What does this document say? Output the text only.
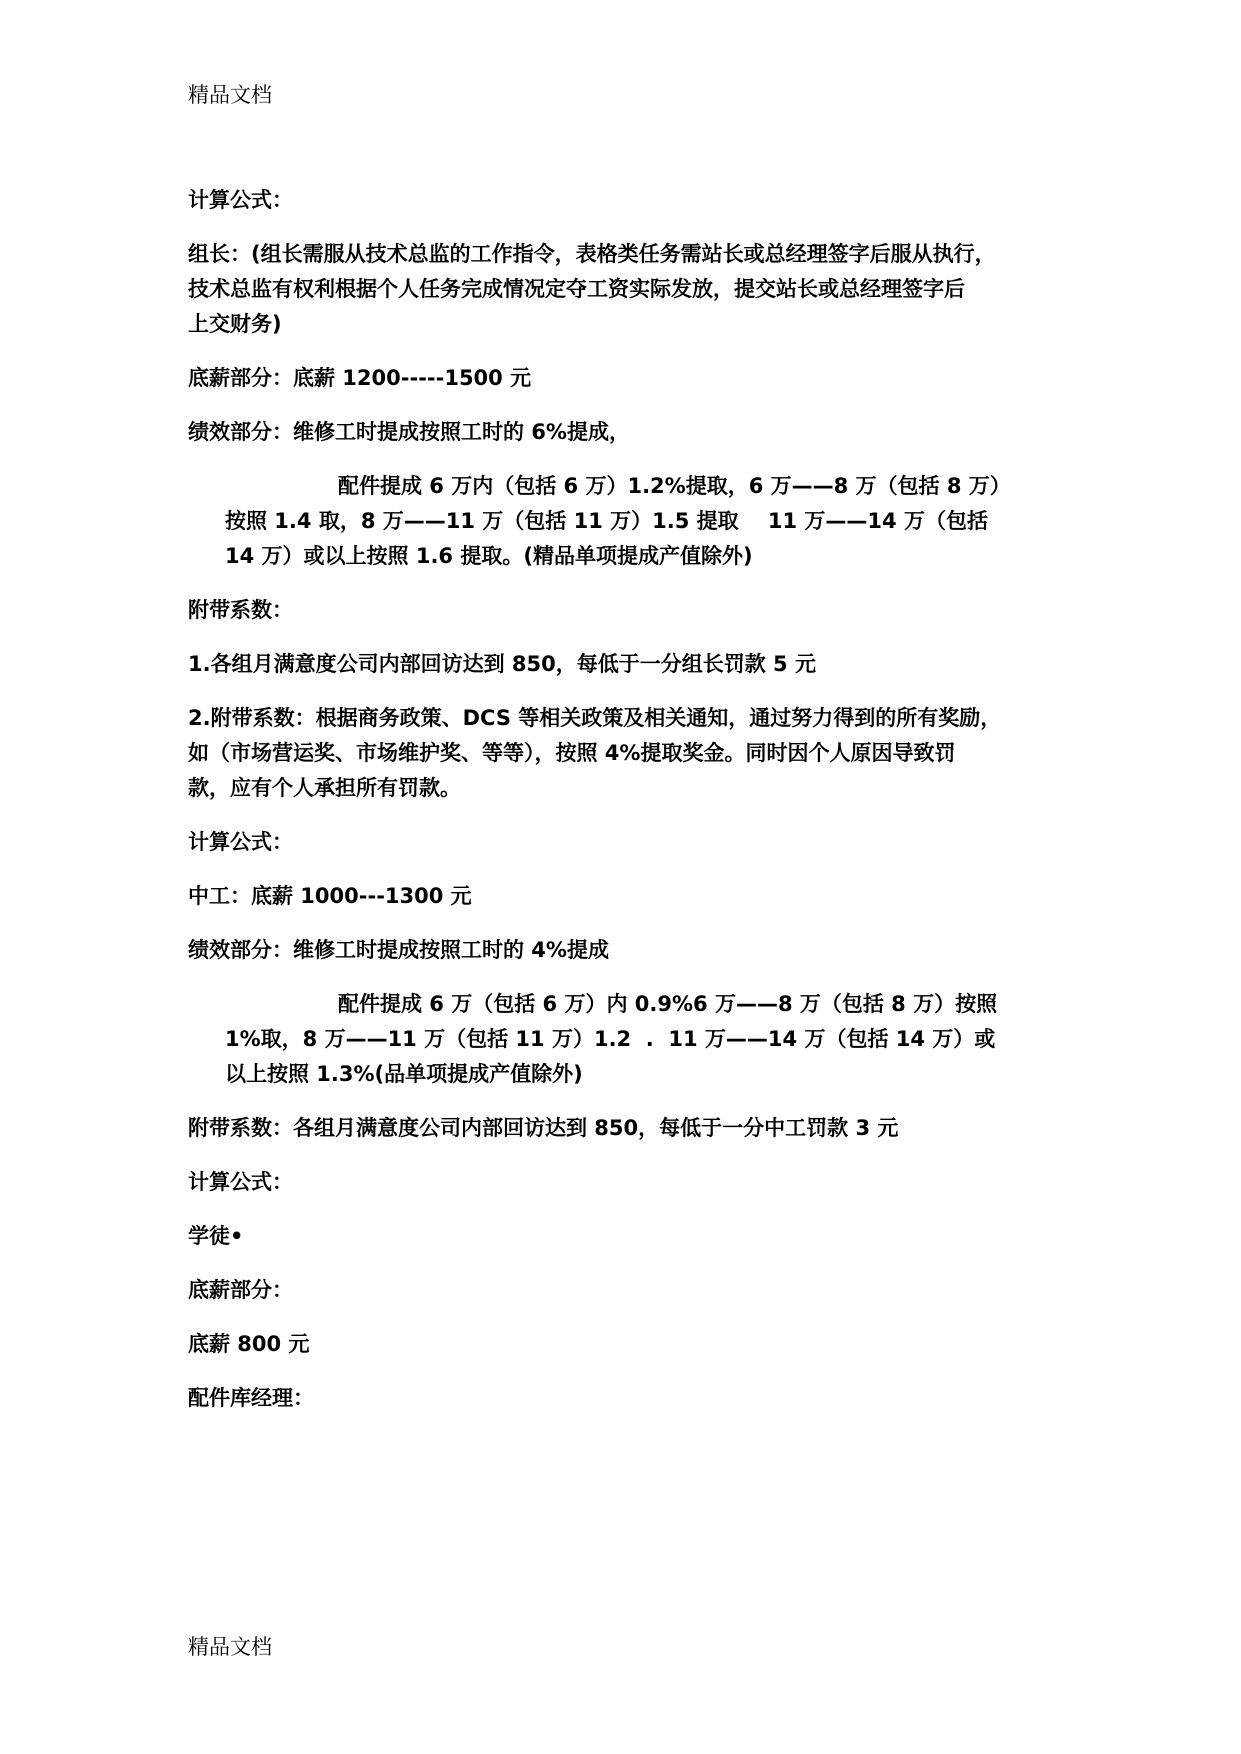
精品文档
计算公式：
组长：(组长需服从技术总监的工作指令，表格类任务需站长或总经理签字后服从执行，
技术总监有权利根据个人任务完成情况定夺工资实际发放，提交站长或总经理签字后
上交财务)
底薪部分：底薪 1200-----1500 元
绩效部分：维修工时提成按照工时的 6%提成，
配件提成 6 万内（包括 6 万）1.2%提取，6 万——8 万（包括 8 万）
按照 1.4 取，8 万——11 万（包括 11 万）1.5 提取    11 万——14 万（包括
14 万）或以上按照 1.6 提取。(精品单项提成产值除外)
附带系数：
1.各组月满意度公司内部回访达到 850，每低于一分组长罚款 5 元
2.附带系数：根据商务政策、DCS 等相关政策及相关通知，通过努力得到的所有奖励，
如（市场营运奖、市场维护奖、等等），按照 4%提取奖金。同时因个人原因导致罚
款，应有个人承担所有罚款。
计算公式：
中工：底薪 1000---1300 元
绩效部分：维修工时提成按照工时的 4%提成
配件提成 6 万（包括 6 万）内 0.9%6 万——8 万（包括 8 万）按照
1%取，8 万——11 万（包括 11 万）1.2  .  11 万——14 万（包括 14 万）或
以上按照 1.3%(品单项提成产值除外)
附带系数：各组月满意度公司内部回访达到 850，每低于一分中工罚款 3 元
计算公式：
学徒•
底薪部分：
底薪 800 元
配件库经理：
精品文档
